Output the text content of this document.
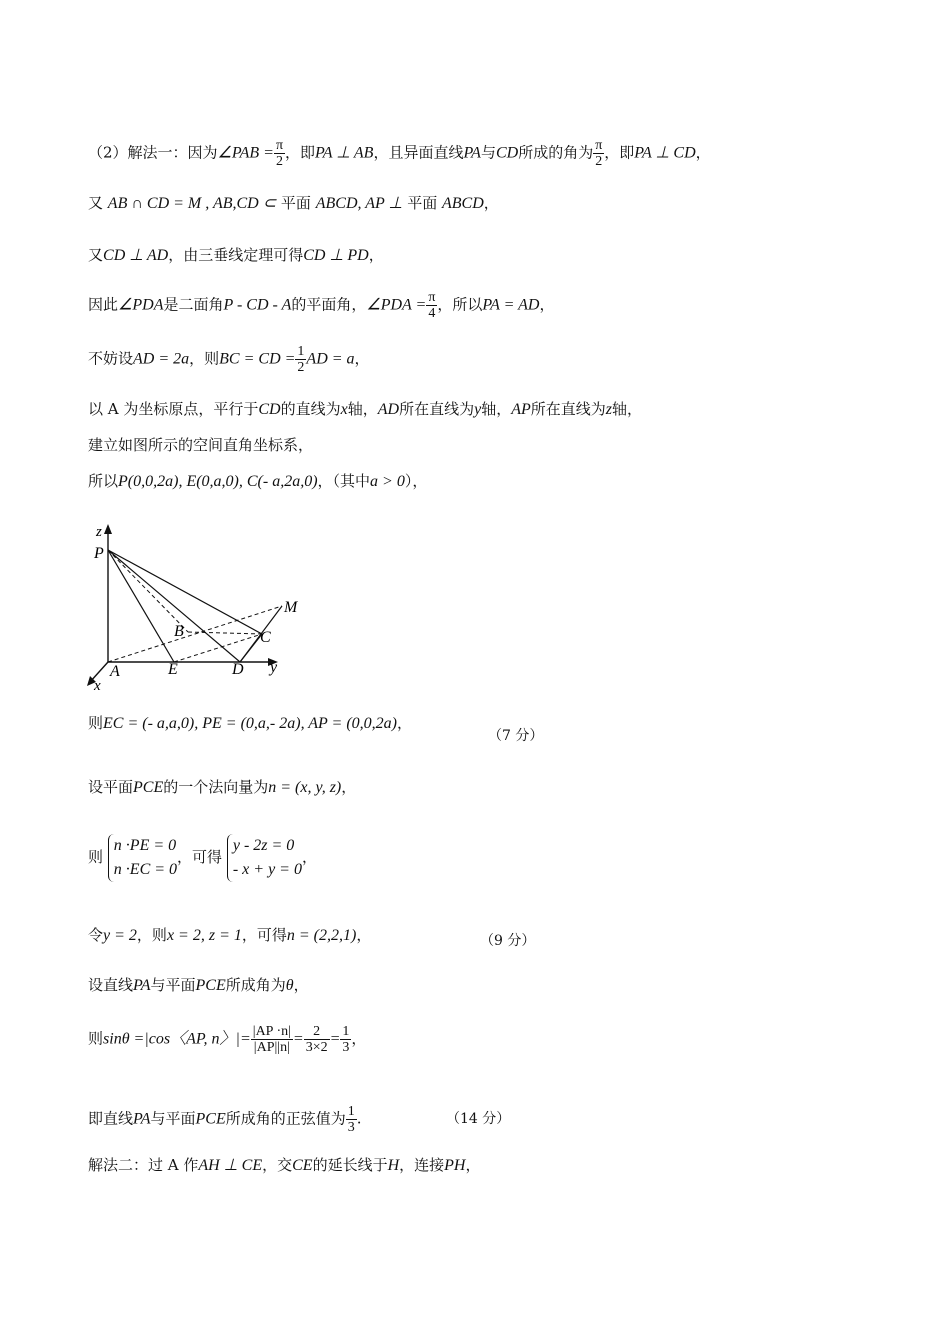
（2）解法一：因为∠PAB = $\frac{\pi}{2}$ ，即PA ⊥ AB，且异面直线PA与CD所成的角为 $\frac{\pi}{2}$ ，即PA ⊥ CD，
又 AB ∩ CD = M , AB,CD ⊂ 平面 ABCD, AP ⊥ 平面 ABCD，
又CD ⊥ AD，由三垂线定理可得CD ⊥ PD，
因此∠PDA是二面角P - CD - A的平面角，∠PDA = $\frac{\pi}{4}$ ，所以PA = AD，
不妨设AD = 2a，则BC = CD = $\frac{1}{2}$ AD = a，
以 A 为坐标原点，平行于CD的直线为x轴，AD所在直线为y轴，AP所在直线为z轴，
建立如图所示的空间直角坐标系，
所以P(0,0,2a), E(0,a,0), C(- a,2a,0)，（其中a > 0），
z
P
M
B	C
A	E	D y
x
则EC = (- a,a,0), PE = (0,a,- 2a), AP = (0,0,2a)，
（7 分）
设平面PCE的一个法向量为n = (x, y, z)，
则
n ·PE = 0
n ·EC = 0
，可得
y - 2z = 0
- x + y = 0
，
令y = 2，则x = 2, z = 1，可得n = (2,2,1)，	（9 分）
设直线PA与平面PCE所成角为θ，
则sinθ =|cos〈AP, n〉|= $\frac{|AP \cdot n|}{|AP||n|} = \frac{2}{3\times 2} = \frac{1}{3}$ ，
即直线PA与平面PCE所成角的正弦值为 $\frac{1}{3}$ .	（14 分）
解法二：过 A 作AH ⊥ CE，交CE的延长线于H，连接PH，
